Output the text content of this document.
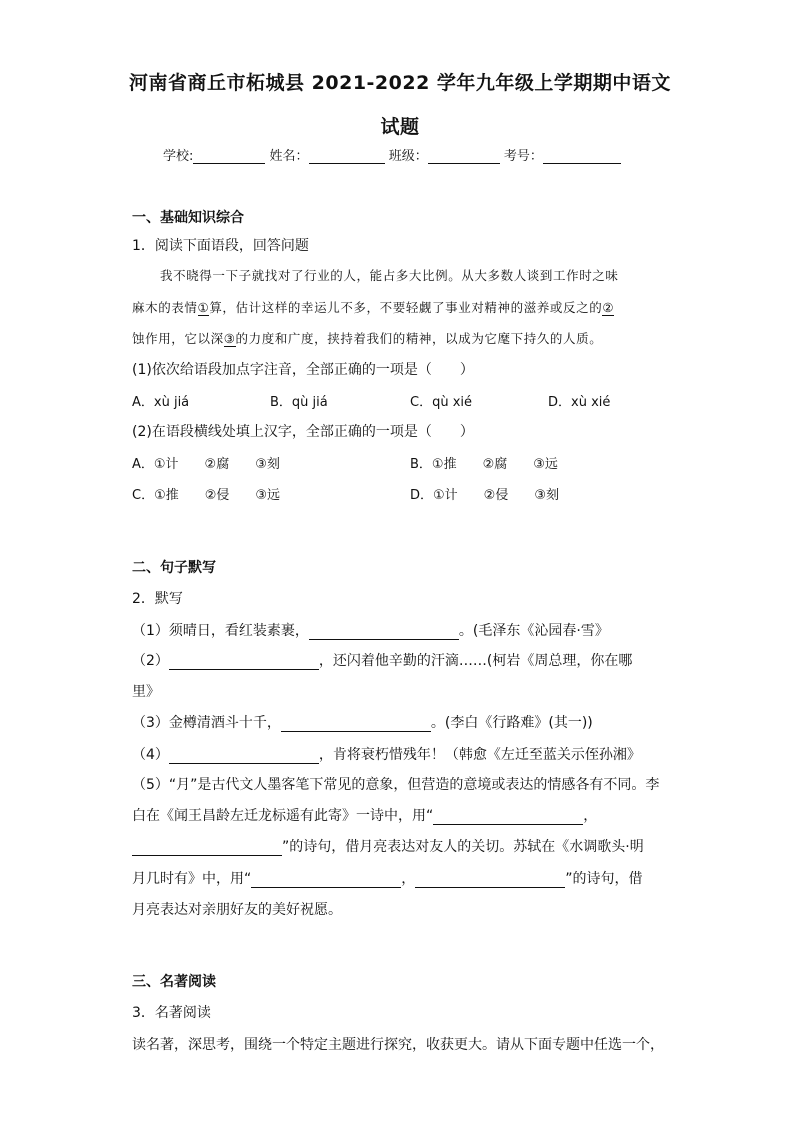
河南省商丘市柘城县 2021-2022 学年九年级上学期期中语文
试题
学校:	姓名：	班级：	考号：
一、基础知识综合
1．阅读下面语段，回答问题
我不晓得一下子就找对了行业的人，能占多大比例。从大多数人谈到工作时之味
麻木的表情①算，估计这样的幸运儿不多，不要轻觑了事业对精神的滋养或反之的②
蚀作用，它以深③的力度和广度，挟持着我们的精神，以成为它麾下持久的人质。
(1)依次给语段加点字注音，全部正确的一项是（　　）
A．xù jiá	B．qù jiá	C．qù xié	D．xù xié
(2)在语段横线处填上汉字，全部正确的一项是（　　）
A．①计　　②腐　　③刻	B．①推　　②腐　　③远
C．①推　　②侵　　③远	D．①计　　②侵　　③刻
二、句子默写
2．默写
（1）须晴日，看红装素裹，	。(毛泽东《沁园春·雪》
（2）	，还闪着他辛勤的汗滴……(柯岩《周总理，你在哪
里》
（3）金樽清酒斗十千，	。(李白《行路难》(其一))
（4）	，肯将衰朽惜残年！（韩愈《左迁至蓝关示侄孙湘》
（5）“月”是古代文人墨客笔下常见的意象，但营造的意境或表达的情感各有不同。李
白在《闻王昌龄左迁龙标遥有此寄》一诗中，用“	，
”的诗句，借月亮表达对友人的关切。苏轼在《水调歌头·明
月几时有》中，用“	，	”的诗句，借
月亮表达对亲朋好友的美好祝愿。
三、名著阅读
3．名著阅读
读名著，深思考，围绕一个特定主题进行探究，收获更大。请从下面专题中任选一个，
